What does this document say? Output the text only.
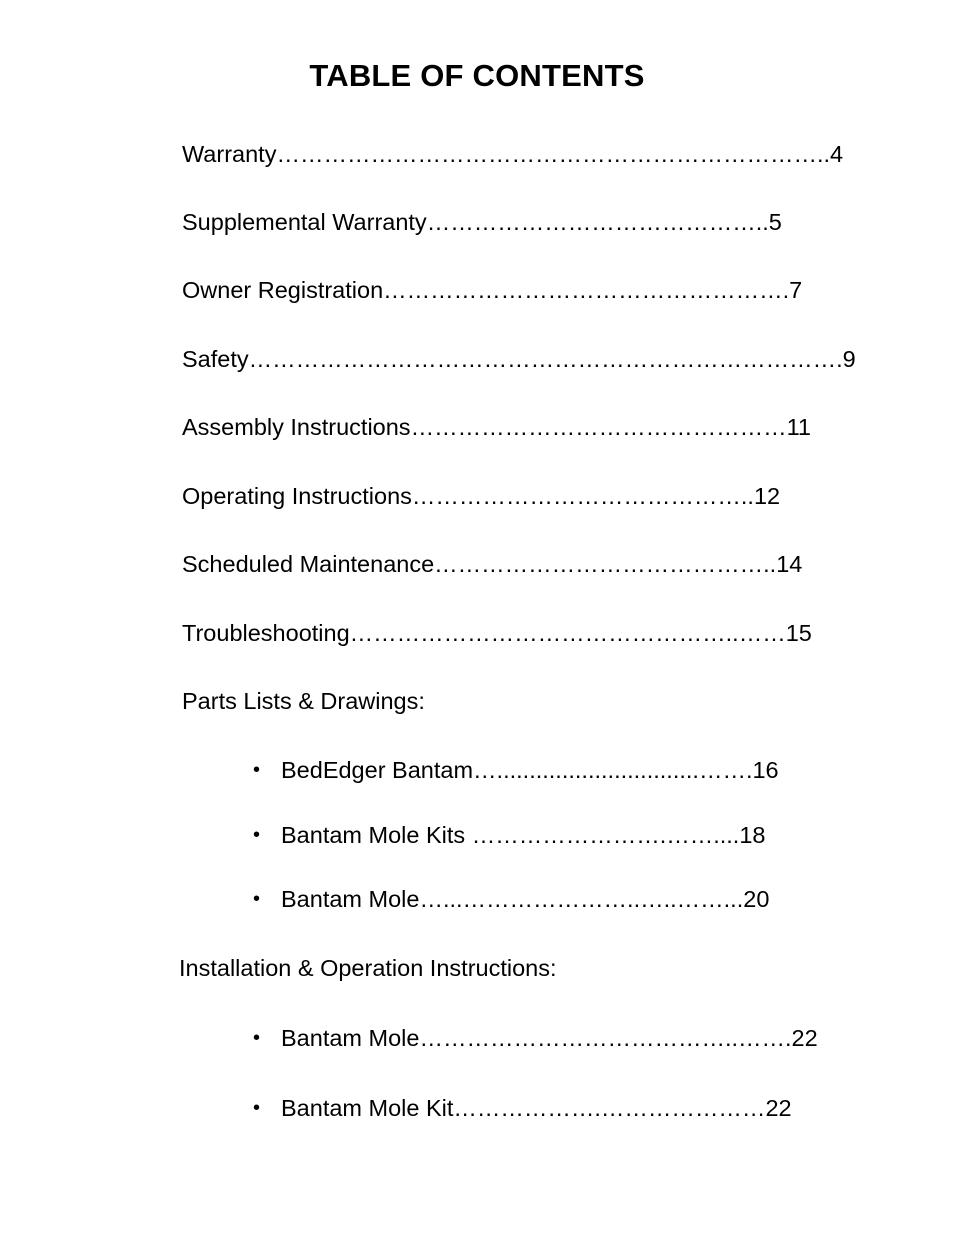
TABLE OF CONTENTS
Warranty……………………………………………………………..4
Supplemental Warranty……………………………………..5
Owner Registration…………………………………………….7
Safety………………………………………………………………….9
Assembly Instructions…………………………………………11
Operating Instructions……………………………………..12
Scheduled Maintenance……………………………………..14
Troubleshooting…………………………………………..……15
Parts Lists & Drawings:
• BedEdger Bantam…...............................…….16
• Bantam Mole Kits …………………….……....18
• Bantam Mole…...…………………..…..……...20
Installation & Operation Instructions:
• Bantam Mole…………………………………..…….22
• Bantam Mole Kit……………….…………………22
